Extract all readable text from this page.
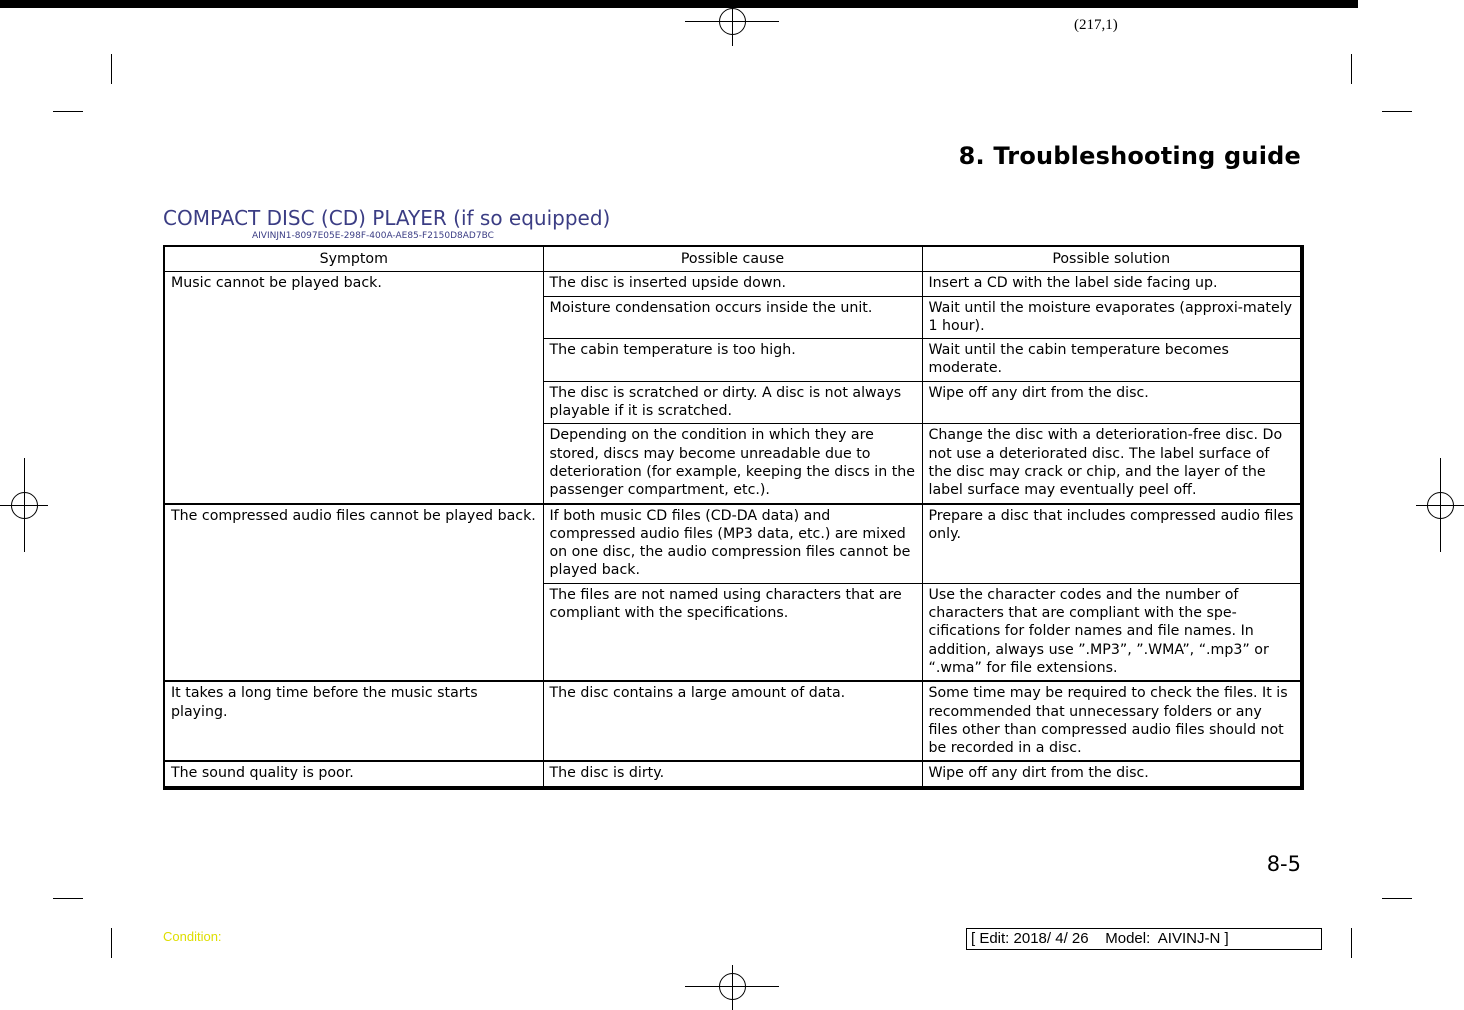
(217,1)
8. Troubleshooting guide
COMPACT DISC (CD) PLAYER (if so equipped)
AIVINJN1-8097E05E-298F-400A-AE85-F2150D8AD7BC
Symptom	Possible cause	Possible solution
Music cannot be played back.	The disc is inserted upside down.	Insert a CD with the label side facing up.
	Moisture condensation occurs inside the unit.	Wait until the moisture evaporates (approxi-mately 1 hour).
	The cabin temperature is too high.	Wait until the cabin temperature becomes moderate.
	The disc is scratched or dirty. A disc is not always playable if it is scratched.	Wipe off any dirt from the disc.
	Depending on the condition in which they are stored, discs may become unreadable due to deterioration (for example, keeping the discs in the passenger compartment, etc.).	Change the disc with a deterioration-free disc. Do not use a deteriorated disc. The label surface of the disc may crack or chip, and the layer of the label surface may eventually peel off.
The compressed audio files cannot be played back.	If both music CD files (CD-DA data) and compressed audio files (MP3 data, etc.) are mixed on one disc, the audio compression files cannot be played back.	Prepare a disc that includes compressed audio files only.
	The files are not named using characters that are compliant with the specifications.	Use the character codes and the number of characters that are compliant with the spe-cifications for folder names and file names. In addition, always use ”.MP3”, ”.WMA”, “.mp3” or “.wma” for file extensions.
It takes a long time before the music starts playing.	The disc contains a large amount of data.	Some time may be required to check the files. It is recommended that unnecessary folders or any files other than compressed audio files should not be recorded in a disc.
The sound quality is poor.	The disc is dirty.	Wipe off any dirt from the disc.
8-5
Condition:	[ Edit: 2018/ 4/ 26    Model:  AIVINJ-N ]
